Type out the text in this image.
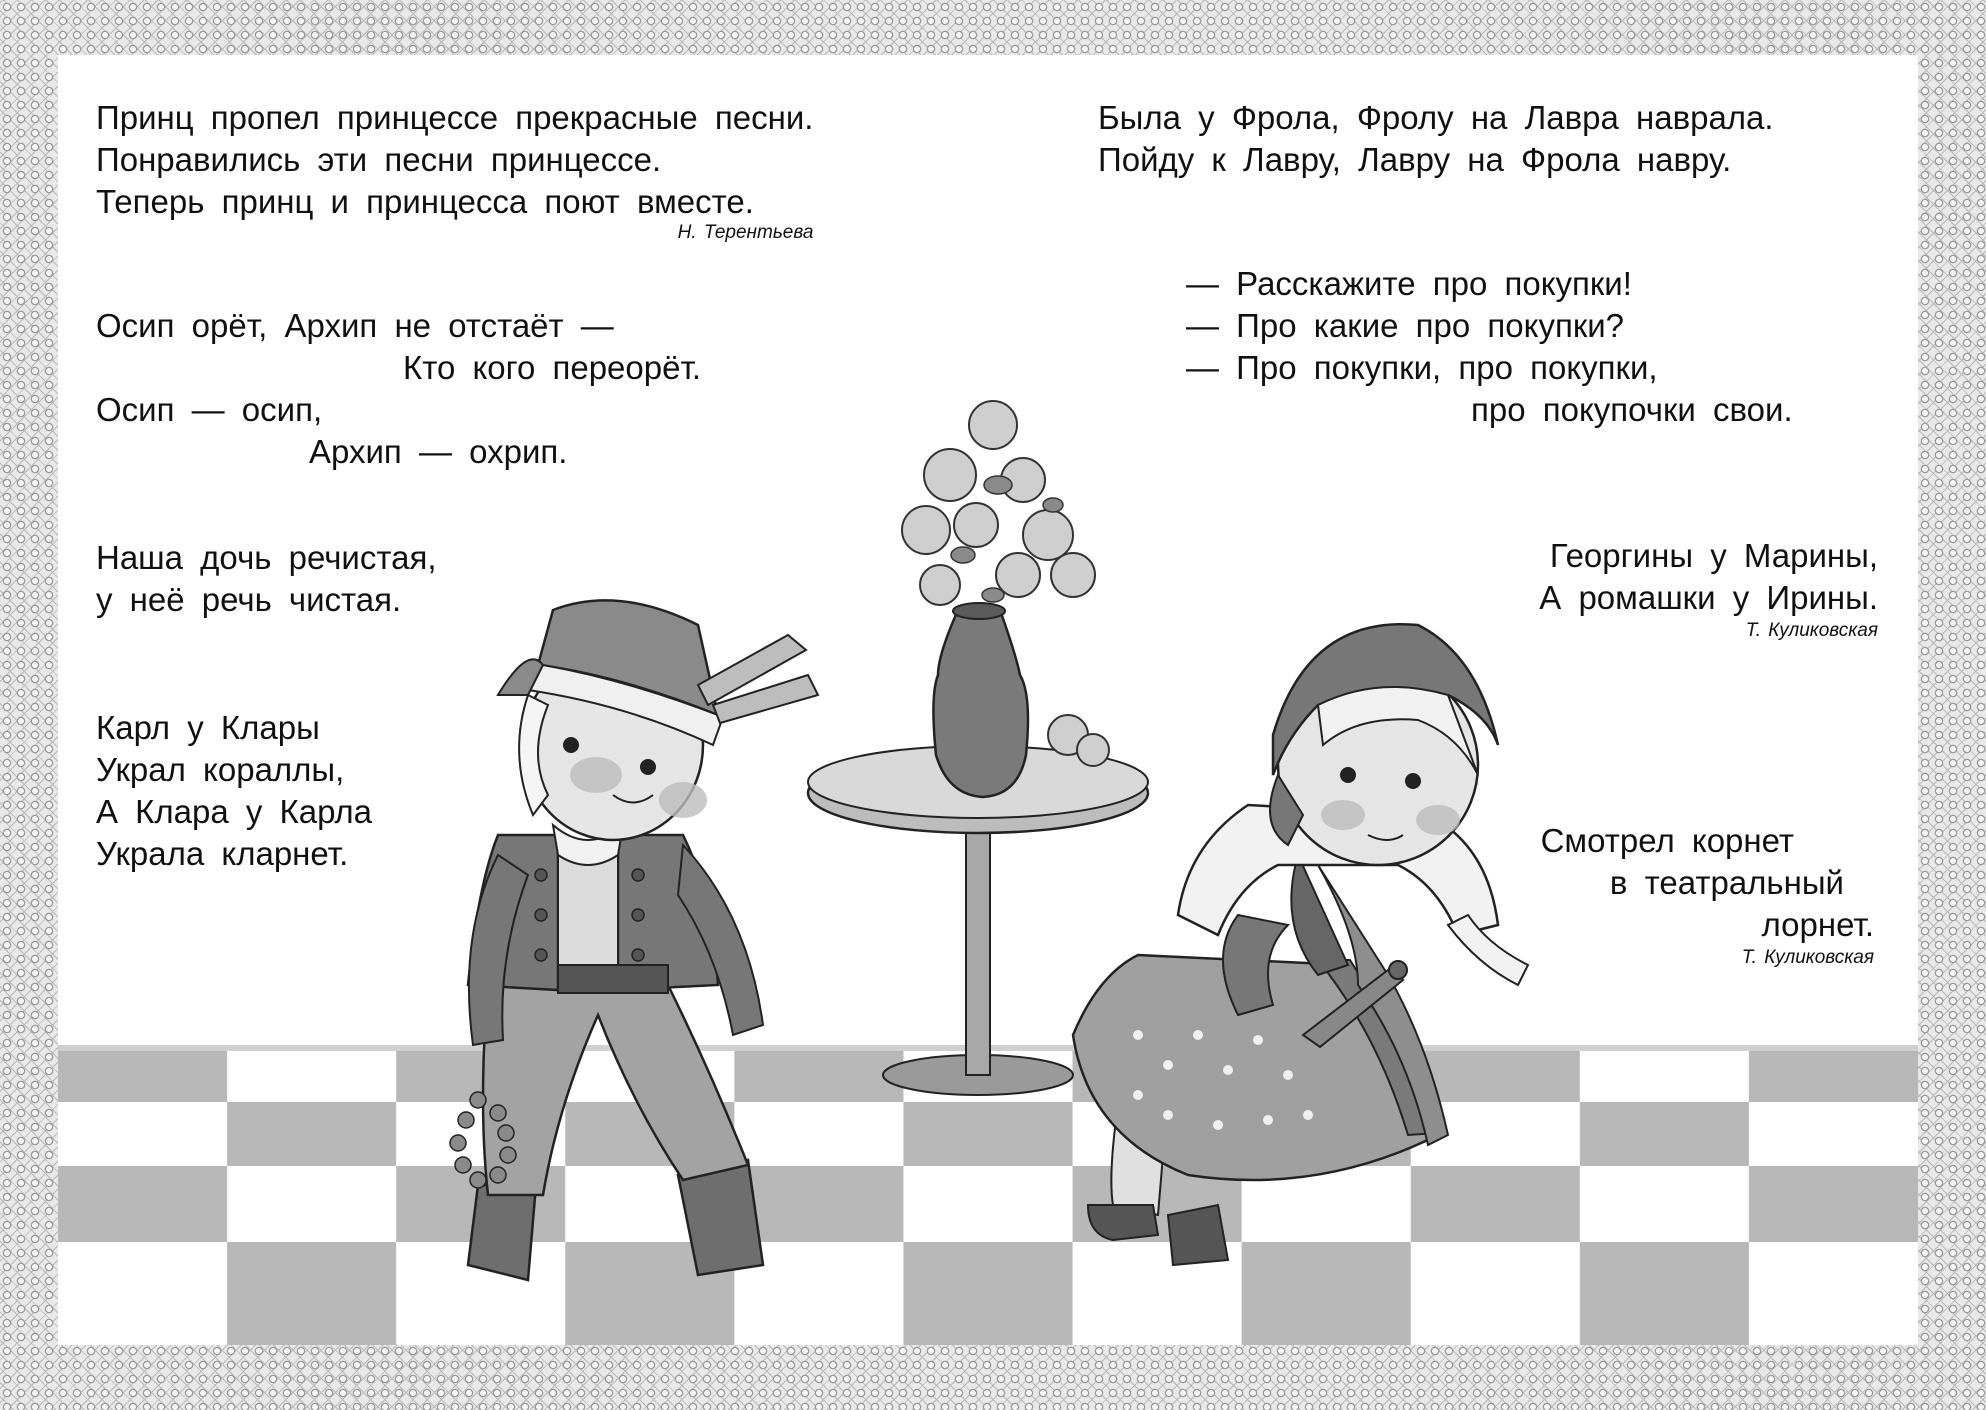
Принц пропел принцессе прекрасные песни.
Понравились эти песни принцессе.
Теперь принц и принцесса поют вместе.
Н. Терентьева
Осип орёт, Архип не отстаёт —
Кто кого переорёт.
Осип — осип,
Архип — охрип.
Наша дочь речистая,
у неё речь чистая.
Карл у Клары
Украл кораллы,
А Клара у Карла
Украла кларнет.
Была у Фрола, Фролу на Лавра наврала.
Пойду к Лавру, Лавру на Фрола навру.
— Расскажите про покупки!
— Про какие про покупки?
— Про покупки, про покупки,
про покупочки свои.
Георгины у Марины,
А ромашки у Ирины.
Т. Куликовская
Смотрел корнет
в театральный
лорнет.
Т. Куликовская
